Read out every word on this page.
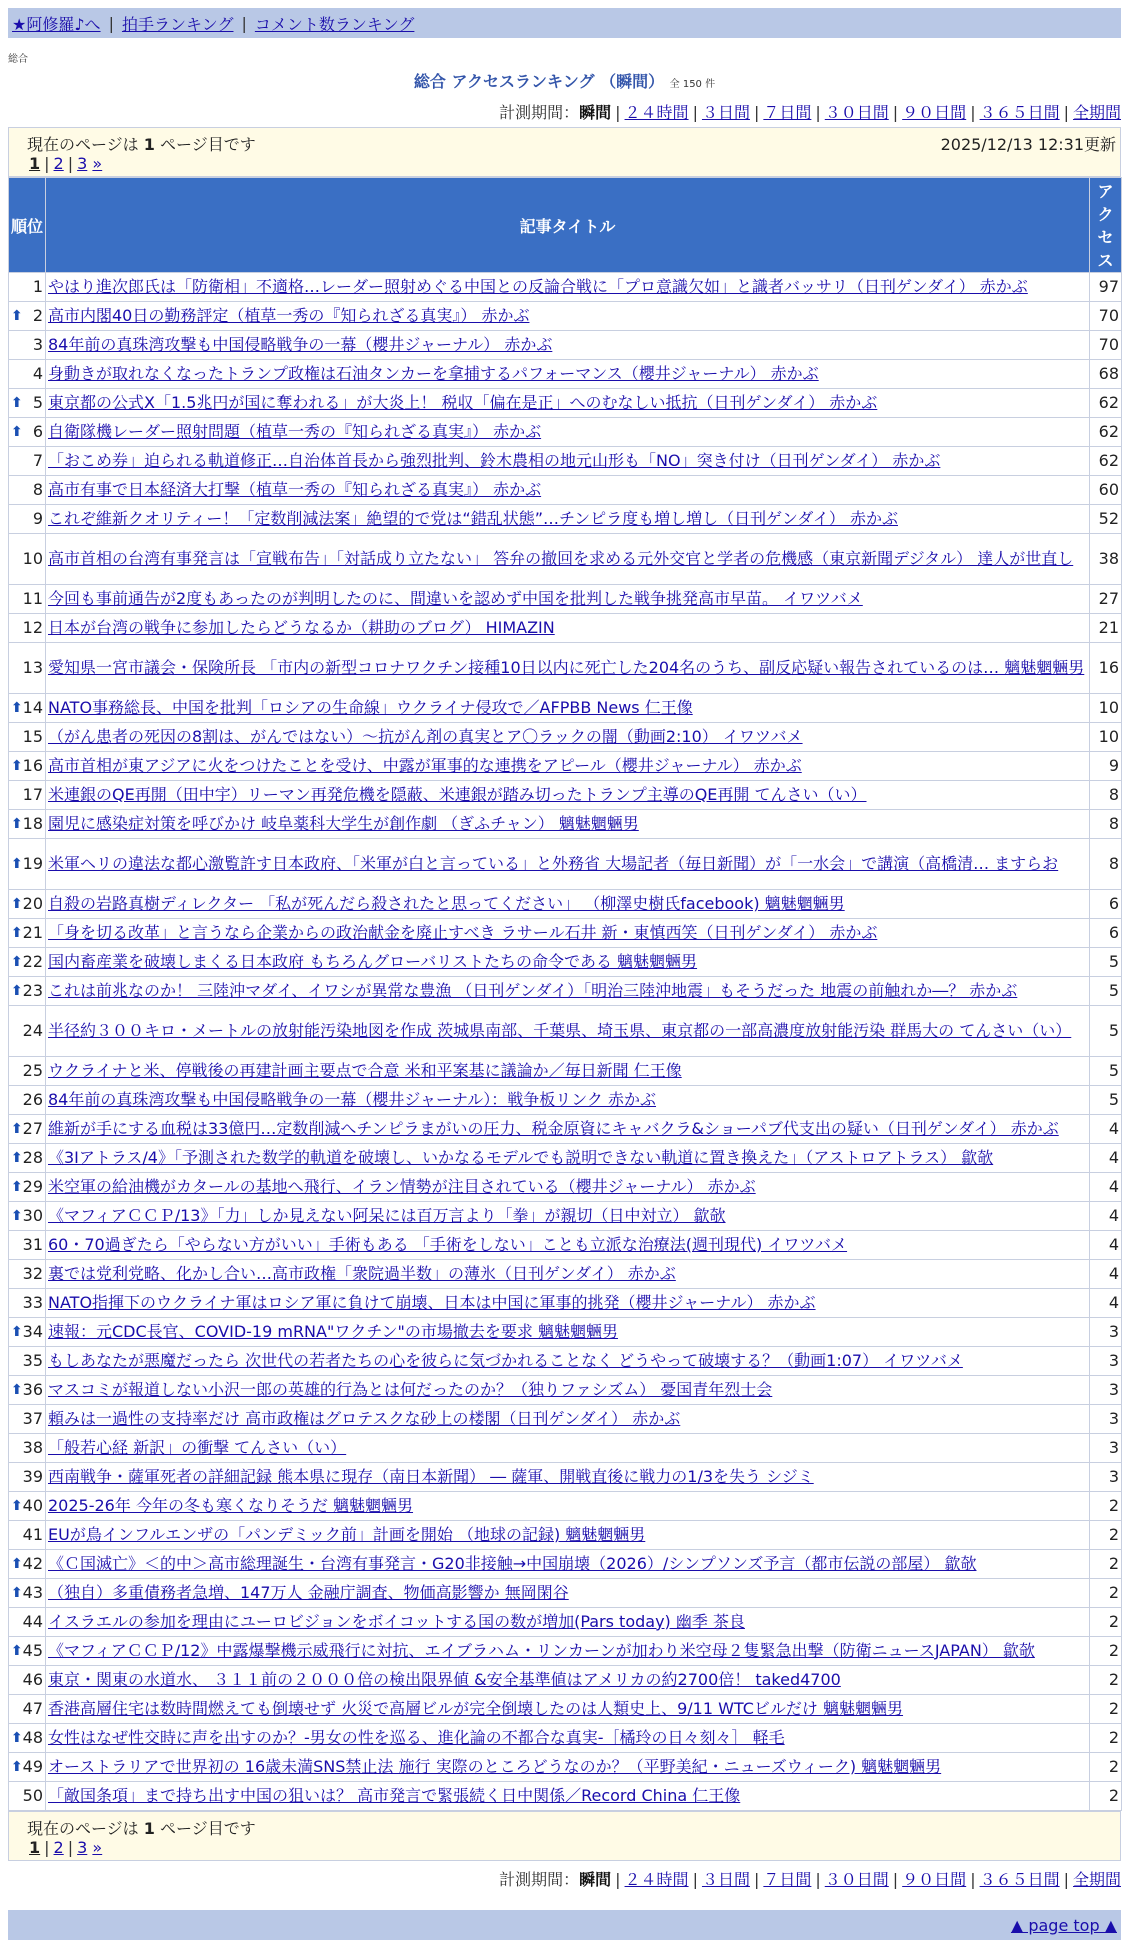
★阿修羅♪へ | 拍手ランキング | コメント数ランキング
総合
総合 アクセスランキング （瞬間） 全 150 件
計測期間：瞬間 | ２４時間 | ３日間 | ７日間 | ３０日間 | ９０日間 | ３６５日間 | 全期間
現在のページは 1 ページ目です	2025/12/13 12:31更新
1 | 2 | 3 »
順位	記事タイトル	アクセス
1	やはり進次郎氏は「防衛相」不適格…レーダー照射めぐる中国との反論合戦に「プロ意識欠如」と識者バッサリ（日刊ゲンダイ） 赤かぶ	97

⬆ 2	高市内閣40日の勤務評定（植草一秀の『知られざる真実』） 赤かぶ	70
3	84年前の真珠湾攻撃も中国侵略戦争の一幕（櫻井ジャーナル） 赤かぶ	70
4	身動きが取れなくなったトランプ政権は石油タンカーを拿捕するパフォーマンス（櫻井ジャーナル） 赤かぶ	68

⬆ 5	東京都の公式X「1.5兆円が国に奪われる」が大炎上！ 税収「偏在是正」へのむなしい抵抗（日刊ゲンダイ） 赤かぶ	62

⬆ 6	自衛隊機レーダー照射問題（植草一秀の『知られざる真実』） 赤かぶ	62
7	「おこめ券」迫られる軌道修正…自治体首長から強烈批判、鈴木農相の地元山形も「NO」突き付け（日刊ゲンダイ） 赤かぶ	62
8	高市有事で日本経済大打撃（植草一秀の『知られざる真実』） 赤かぶ	60
9	これぞ維新クオリティー！「定数削減法案」絶望的で党は“錯乱状態”…チンピラ度も増し増し（日刊ゲンダイ） 赤かぶ	52
10	高市首相の台湾有事発言は「宣戦布告」「対話成り立たない」 答弁の撤回を求める元外交官と学者の危機感（東京新聞デジタル） 達人が世直し	38
11	今回も事前通告が2度もあったのが判明したのに、間違いを認めず中国を批判した戦争挑発高市早苗。 イワツバメ	27
12	日本が台湾の戦争に参加したらどうなるか（耕助のブログ） HIMAZIN	21
13	愛知県一宮市議会・保険所長 「市内の新型コロナワクチン接種10日以内に死亡した204名のうち、副反応疑い報告されているのは… 魑魅魍魎男	16

⬆ 14	NATO事務総長、中国を批判「ロシアの生命線」ウクライナ侵攻で／AFPBB News 仁王像	10
15	（がん患者の死因の8割は、がんではない）～抗がん剤の真実とア〇ラックの闇（動画2:10） イワツバメ	10

⬆ 16	高市首相が東アジアに火をつけたことを受け、中露が軍事的な連携をアピール（櫻井ジャーナル） 赤かぶ	9
17	米連銀のQE再開（田中宇）リーマン再発危機を隠蔽、米連銀が踏み切ったトランプ主導のQE再開 てんさい（い）	8

⬆ 18	園児に感染症対策を呼びかけ 岐阜薬科大学生が創作劇 （ぎふチャン） 魑魅魍魎男	8

⬆ 19	米軍ヘリの違法な都心激覧許す日本政府、「米軍が白と言っている」と外務省 大場記者（毎日新聞）が「一水会」で講演（高橋清… ますらお	8

⬆ 20	自殺の岩路真樹ディレクター 「私が死んだら殺されたと思ってください」 （柳澤史樹氏facebook) 魑魅魍魎男	6

⬆ 21	「身を切る改革」と言うなら企業からの政治献金を廃止すべき ラサール石井 新・東慎西笑（日刊ゲンダイ） 赤かぶ	6

⬆ 22	国内畜産業を破壊しまくる日本政府 もちろんグローバリストたちの命令である 魑魅魍魎男	5

⬆ 23	これは前兆なのか！ 三陸沖マダイ、イワシが異常な豊漁 （日刊ゲンダイ）「明治三陸沖地震」もそうだった 地震の前触れか―？ 赤かぶ	5
24	半径約３００キロ・メートルの放射能汚染地図を作成 茨城県南部、千葉県、埼玉県、東京都の一部高濃度放射能汚染 群馬大の てんさい（い）	5
25	ウクライナと米、停戦後の再建計画主要点で合意 米和平案基に議論か／毎日新聞 仁王像	5
26	84年前の真珠湾攻撃も中国侵略戦争の一幕（櫻井ジャーナル）：戦争板リンク 赤かぶ	5

⬆ 27	維新が手にする血税は33億円…定数削減へチンピラまがいの圧力、税金原資にキャバクラ&ショーパブ代支出の疑い（日刊ゲンダイ） 赤かぶ	4

⬆ 28	《3Iアトラス/4》「予測された数学的軌道を破壊し、いかなるモデルでも説明できない軌道に置き換えた」（アストロアトラス） 歙欹	4

⬆ 29	米空軍の給油機がカタールの基地へ飛行、イラン情勢が注目されている（櫻井ジャーナル） 赤かぶ	4

⬆ 30	《マフィアＣＣＰ/13》「力」しか見えない阿呆には百万言より「拳」が親切（日中対立） 歙欹	4
31	60・70過ぎたら「やらない方がいい」手術もある 「手術をしない」ことも立派な治療法(週刊現代) イワツバメ	4
32	裏では党利党略、化かし合い…高市政権「衆院過半数」の薄氷（日刊ゲンダイ） 赤かぶ	4
33	NATO指揮下のウクライナ軍はロシア軍に負けて崩壊、日本は中国に軍事的挑発（櫻井ジャーナル） 赤かぶ	4

⬆ 34	速報：元CDC長官、COVID-19 mRNA"ワクチン"の市場撤去を要求 魑魅魍魎男	3
35	もしあなたが悪魔だったら 次世代の若者たちの心を彼らに気づかれることなく どうやって破壊する？（動画1:07） イワツバメ	3

⬆ 36	マスコミが報道しない小沢一郎の英雄的行為とは何だったのか？（独りファシズム） 憂国青年烈士会	3
37	頼みは一過性の支持率だけ 高市政権はグロテスクな砂上の楼閣（日刊ゲンダイ） 赤かぶ	3
38	「般若心経 新訳」の衝撃 てんさい（い）	3
39	西南戦争・薩軍死者の詳細記録 熊本県に現存（南日本新聞） ― 薩軍、開戦直後に戦力の1/3を失う シジミ	3

⬆ 40	2025-26年 今年の冬も寒くなりそうだ 魑魅魍魎男	2
41	EUが鳥インフルエンザの「パンデミック前」計画を開始 （地球の記録) 魑魅魍魎男	2

⬆ 42	《Ｃ国滅亡》＜的中＞高市総理誕生・台湾有事発言・G20非接触→中国崩壊（2026）/シンプソンズ予言（都市伝説の部屋） 歙欹	2

⬆ 43	（独自）多重債務者急増、147万人 金融庁調査、物価高影響か 無岡閑谷	2
44	イスラエルの参加を理由にユーロビジョンをボイコットする国の数が増加(Pars today) 幽季 茶良	2

⬆ 45	《マフィアＣＣＰ/12》中露爆撃機示威飛行に対抗、エイブラハム・リンカーンが加わり米空母２隻緊急出撃（防衛ニュースJAPAN） 歙欹	2
46	東京・関東の水道水、 ３１１前の２０００倍の検出限界値 &安全基準値はアメリカの約2700倍！ taked4700	2
47	香港高層住宅は数時間燃えても倒壊せず 火災で高層ビルが完全倒壊したのは人類史上、9/11 WTCビルだけ 魑魅魍魎男	2

⬆ 48	女性はなぜ性交時に声を出すのか？-男女の性を巡る、進化論の不都合な真実-［橘玲の日々刻々］ 軽毛	2

⬆ 49	オーストラリアで世界初の 16歳未満SNS禁止法 施行 実際のところどうなのか？（平野美紀・ニューズウィーク) 魑魅魍魎男	2
50	「敵国条項」まで持ち出す中国の狙いは？ 高市発言で緊張続く日中関係／Record China 仁王像	2
現在のページは 1 ページ目です
1 | 2 | 3 »
計測期間：瞬間 | ２４時間 | ３日間 | ７日間 | ３０日間 | ９０日間 | ３６５日間 | 全期間
▲ page top ▲
